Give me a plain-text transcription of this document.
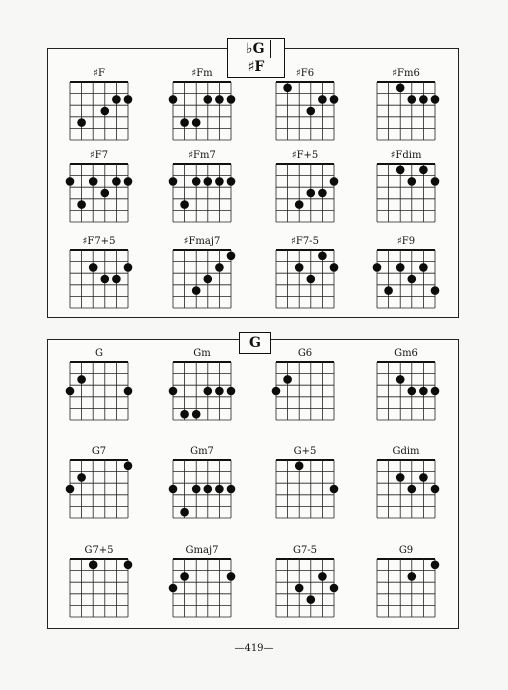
♭G♯F
G
♯F	♯Fm	♯F6	♯Fm6
♯F7	♯Fm7	♯F+5	♯Fdim
♯F7+5	♯Fmaj7	♯F7-5	♯F9
G	Gm	G6	Gm6
G7	Gm7	G+5	Gdim
G7+5	Gmaj7	G7-5	G9
—419—
